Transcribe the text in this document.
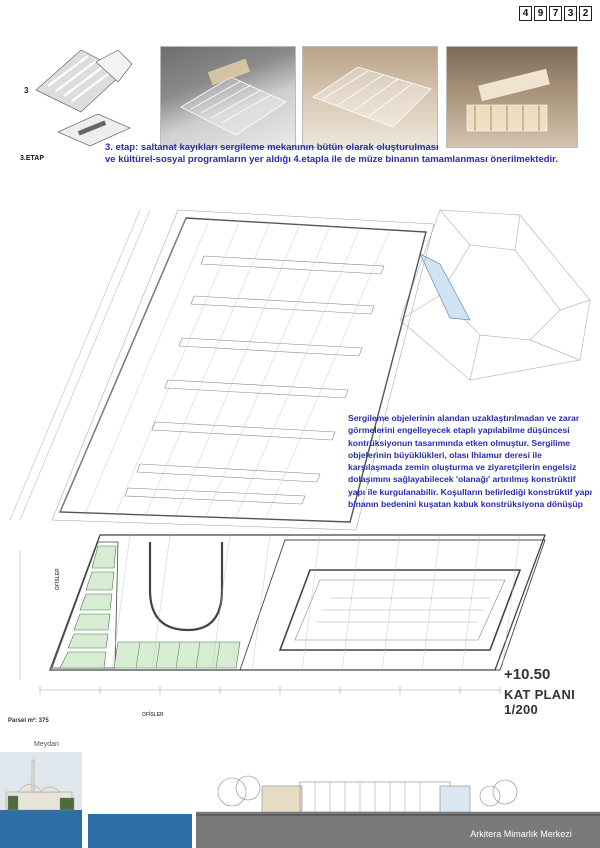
4 9 7 3 2
3
3.ETAP
3. etap: saltanat kayıkları sergileme mekanının bütün olarak oluşturulması
ve kültürel-sosyal programların yer aldığı 4.etapla ile de müze binanın tamamlanması önerilmektedir.
OFİSLER
OFİSLER
Sergileme objelerinin alandan uzaklaştırılmadan ve zarar görmelerini engelleyecek etaplı yapılabilme düşüncesi kontrüksiyonun tasarımında etken olmuştur. Sergilime objelerinin büyüklükleri, olası Ihlamur deresi ile karşılaşmada zemin oluşturma ve ziyaretçilerin engelsiz dolaşımını sağlayabilecek 'olanağı' artırılmış konstrüktif yapı ile kurgulanabilir. Koşulların belirlediği konstrüktif yapı binanın bedenini kuşatan kabuk konstrüksiyona dönüşüp
+10.50
KAT PLANI 1/200
Parsel m²: 375
Meydan
Arkitera Mimarlık Merkezi
